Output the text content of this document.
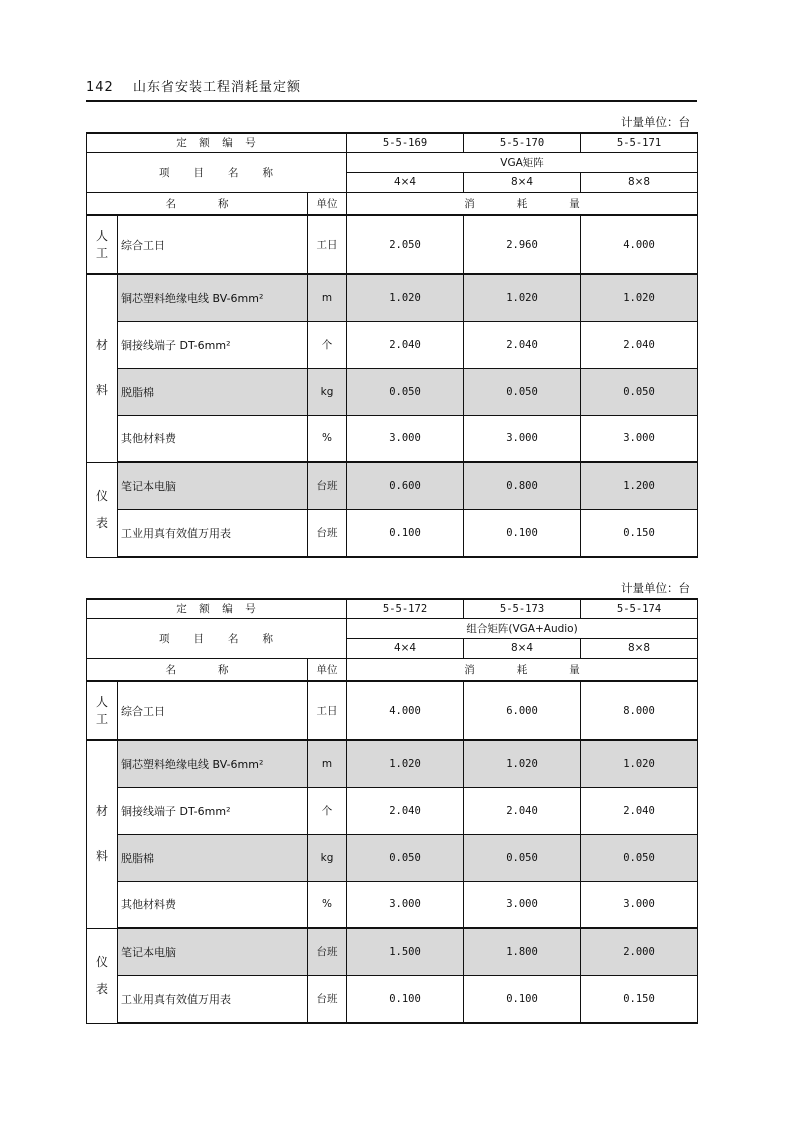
142 山东省安装工程消耗量定额
计量单位：台
定　额　编　号			5-5-169	5-5-170	5-5-171
项　　目　　名　　称			VGA矩阵		
			4×4	8×4	8×8
名　　　　称		单位	消　　　　耗　　　　量		
人工	综合工日	工日	2.050	2.960	4.000

材
料	铜芯塑料绝缘电线 BV-6mm²	m	1.020	1.020	1.020
	铜接线端子 DT-6mm²	个	2.040	2.040	2.040
	脱脂棉	kg	0.050	0.050	0.050
	其他材料费	%	3.000	3.000	3.000

仪
表	笔记本电脑	台班	0.600	0.800	1.200
	工业用真有效值万用表	台班	0.100	0.100	0.150
计量单位：台
定　额　编　号			5-5-172	5-5-173	5-5-174
项　　目　　名　　称			组合矩阵(VGA+Audio)		
			4×4	8×4	8×8
名　　　　称		单位	消　　　　耗　　　　量		
人工	综合工日	工日	4.000	6.000	8.000

材
料	铜芯塑料绝缘电线 BV-6mm²	m	1.020	1.020	1.020
	铜接线端子 DT-6mm²	个	2.040	2.040	2.040
	脱脂棉	kg	0.050	0.050	0.050
	其他材料费	%	3.000	3.000	3.000

仪
表	笔记本电脑	台班	1.500	1.800	2.000
	工业用真有效值万用表	台班	0.100	0.100	0.150
